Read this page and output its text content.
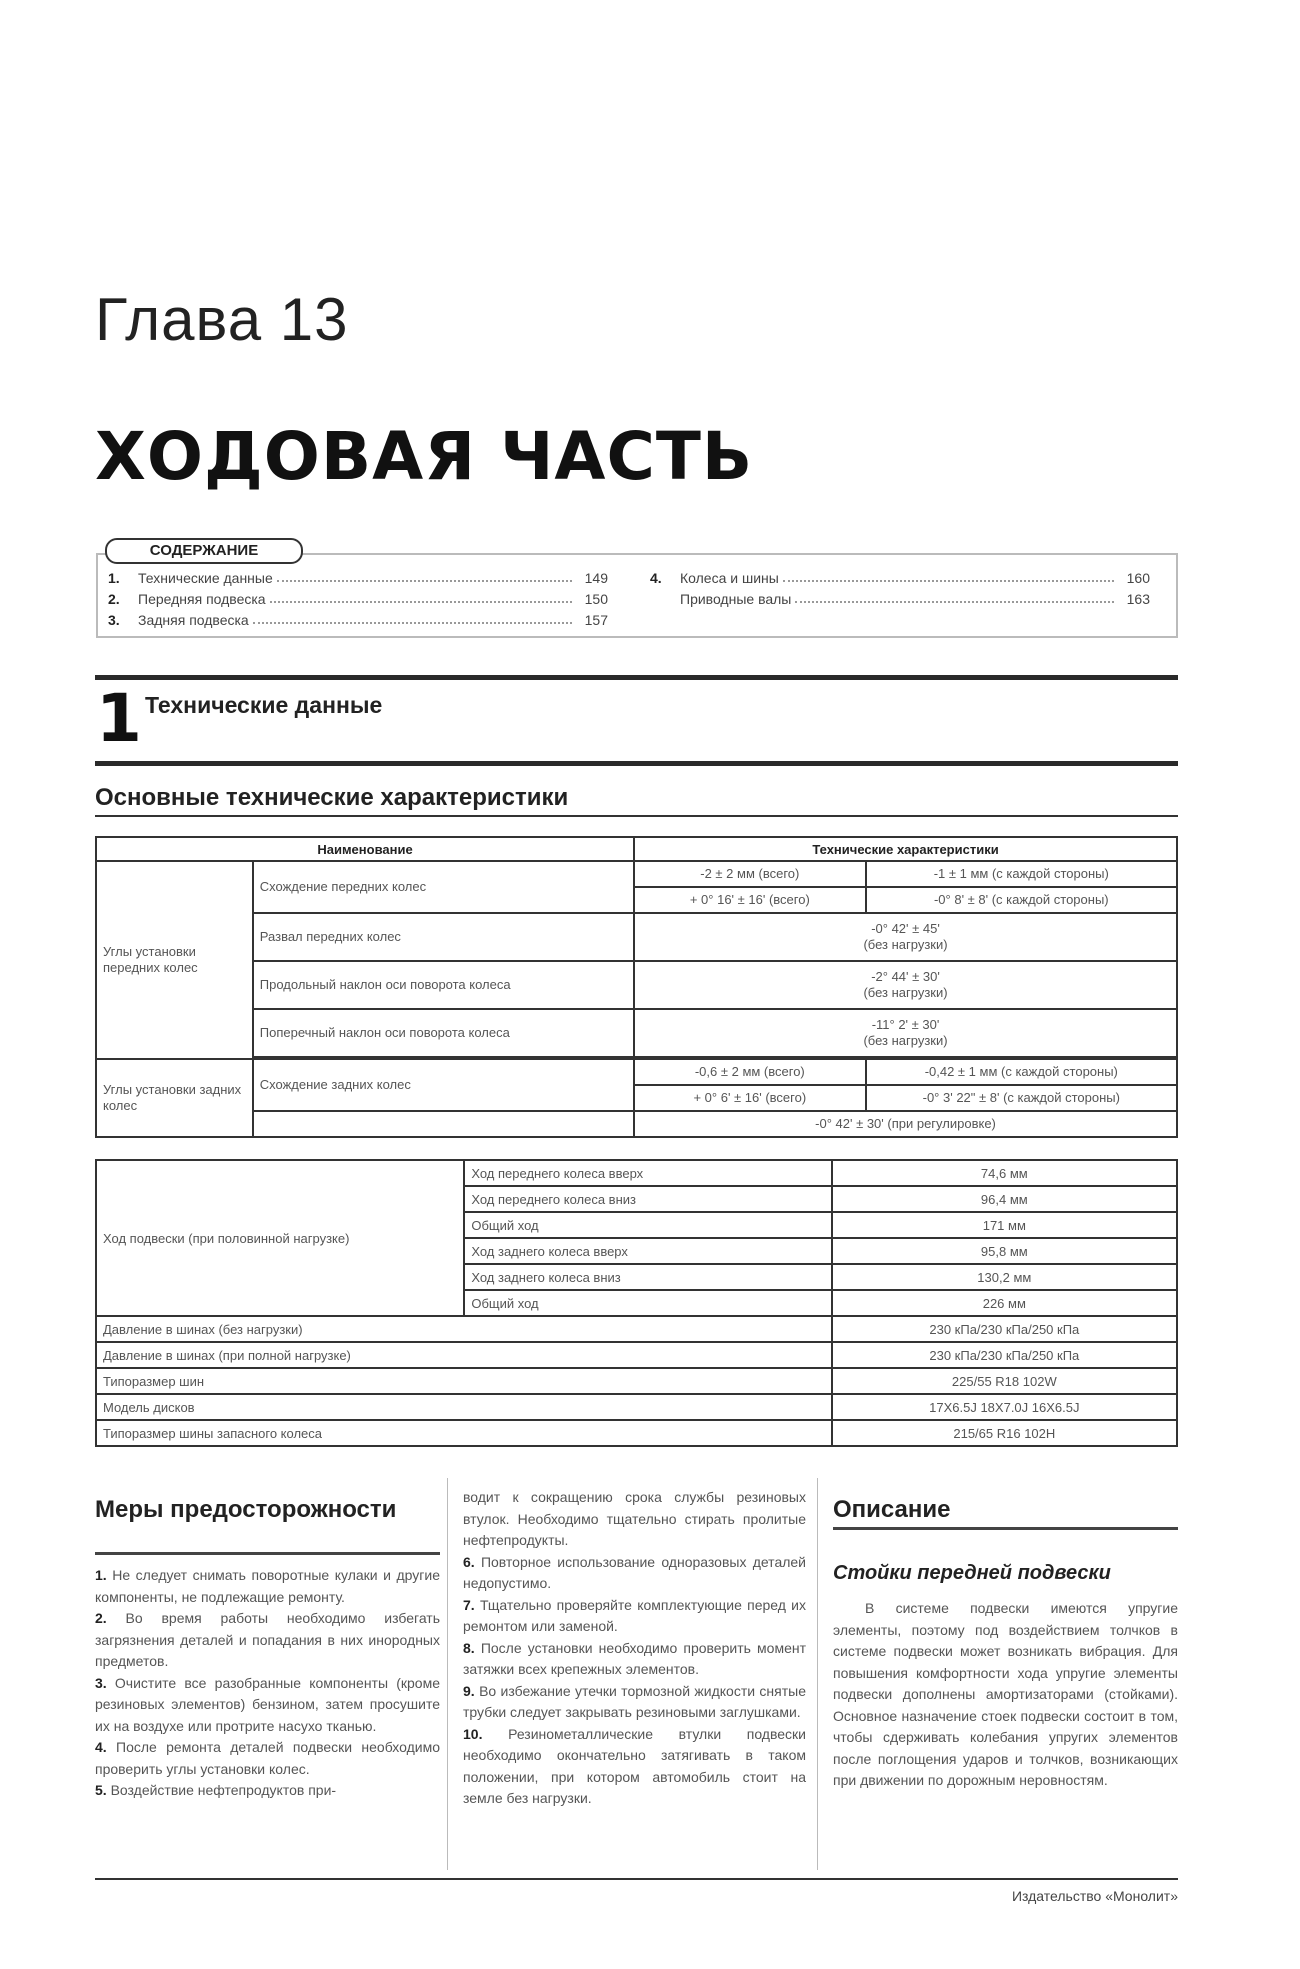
Глава 13
ХОДОВАЯ ЧАСТЬ
СОДЕРЖАНИЕ
1.	Технические данные	149
2.	Передняя подвеска	150
3.	Задняя подвеска	157
4.	Колеса и шины	160
Приводные валы	163
1 Технические данные
Основные технические характеристики
Наименование		Технические характеристики	
Углы установки передних колес	Схождение передних колес	-2 ± 2 мм (всего)	-1 ± 1 мм (с каждой стороны)
		+ 0° 16' ± 16' (всего)	-0° 8' ± 8' (с каждой стороны)
	Развал передних колес	-0° 42' ± 45'
(без нагрузки)	

	Продольный наклон оси поворота колеса	-2° 44' ± 30'
(без нагрузки)	

	Поперечный наклон оси поворота колеса	-11° 2' ± 30'
(без нагрузки)	

Углы установки задних колес	Схождение задних колес	-0,6 ± 2 мм (всего)	-0,42 ± 1 мм (с каждой стороны)
		+ 0° 6' ± 16' (всего)	-0° 3' 22" ± 8' (с каждой стороны)
		-0° 42' ± 30' (при регулировке)	
Ход подвески (при половинной нагрузке)	Ход переднего колеса вверх	74,6 мм
	Ход переднего колеса вниз	96,4 мм
	Общий ход	171 мм
	Ход заднего колеса вверх	95,8 мм
	Ход заднего колеса вниз	130,2 мм
	Общий ход	226 мм
Давление в шинах (без нагрузки)		230 кПа/230 кПа/250 кПа
Давление в шинах (при полной нагрузке)		230 кПа/230 кПа/250 кПа
Типоразмер шин		225/55 R18 102W
Модель дисков		17X6.5J 18X7.0J 16X6.5J
Типоразмер шины запасного колеса		215/65 R16 102H
Меры предосторожности

1. Не следует снимать поворотные кулаки и другие компоненты, не подлежащие ремонту.

2. Во время работы необходимо избегать загрязнения деталей и попадания в них инородных предметов.

3. Очистите все разобранные компоненты (кроме резиновых элементов) бензином, затем просушите их на воздухе или протрите насухо тканью.

4. После ремонта деталей подвески необходимо проверить углы установки колес.

5. Воздействие нефтепродуктов при-

водит к сокращению срока службы резиновых втулок. Необходимо тщательно стирать пролитые нефтепродукты.

6. Повторное использование одноразовых деталей недопустимо.

7. Тщательно проверяйте комплектующие перед их ремонтом или заменой.

8. После установки необходимо проверить момент затяжки всех крепежных элементов.

9. Во избежание утечки тормозной жидкости снятые трубки следует закрывать резиновыми заглушками.

10. Резинометаллические втулки подвески необходимо окончательно затягивать в таком положении, при котором автомобиль стоит на земле без нагрузки.

Описание
Стойки передней подвески
В системе подвески имеются упругие элементы, поэтому под воздействием толчков в системе подвески может возникать вибрация. Для повышения комфортности хода упругие элементы подвески дополнены амортизаторами (стойками). Основное назначение стоек подвески состоит в том, чтобы сдерживать колебания упругих элементов после поглощения ударов и толчков, возникающих при движении по дорожным неровностям.
Издательство «Монолит»
